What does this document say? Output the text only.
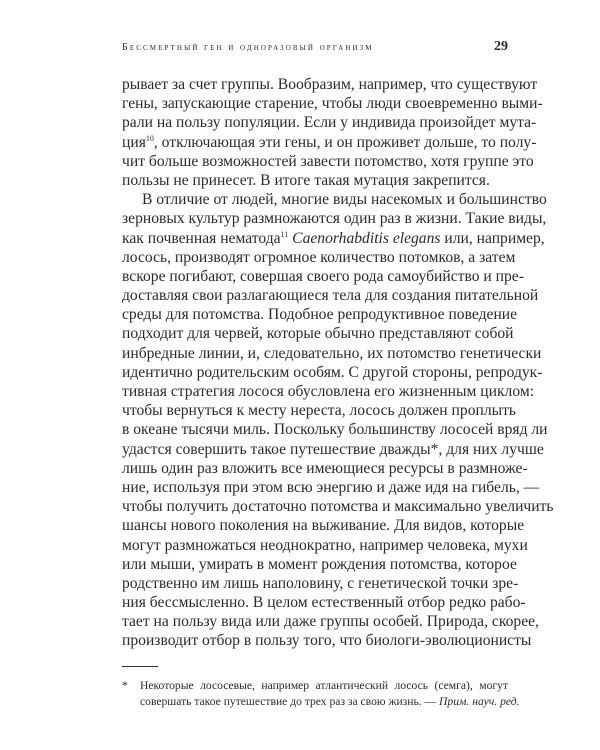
Бессмертный ген и одноразовый организм	29
рывает за счет группы. Вообразим, например, что существуют
гены, запускающие старение, чтобы люди своевременно выми-
рали на пользу популяции. Если у индивида произойдет мута-
ция$^{10}$, отключающая эти гены, и он проживет дольше, то полу-
чит больше возможностей завести потомство, хотя группе это
пользы не принесет. В итоге такая мутация закрепится.
В отличие от людей, многие виды насекомых и большинство
зерновых культур размножаются один раз в жизни. Такие виды,
как почвенная нематода$^{11}$ Caenorhabditis elegans или, например,
лосось, производят огромное количество потомков, а затем
вскоре погибают, совершая своего рода самоубийство и пре-
доставляя свои разлагающиеся тела для создания питательной
среды для потомства. Подобное репродуктивное поведение
подходит для червей, которые обычно представляют собой
инбредные линии, и, следовательно, их потомство генетически
идентично родительским особям. С другой стороны, репродук-
тивная стратегия лосося обусловлена его жизненным циклом:
чтобы вернуться к месту нереста, лосось должен проплыть
в океане тысячи миль. Поскольку большинству лососей вряд ли
удастся совершить такое путешествие дважды*, для них лучше
лишь один раз вложить все имеющиеся ресурсы в размноже-
ние, используя при этом всю энергию и даже идя на гибель, —
чтобы получить достаточно потомства и максимально увеличить
шансы нового поколения на выживание. Для видов, которые
могут размножаться неоднократно, например человека, мухи
или мыши, умирать в момент рождения потомства, которое
родственно им лишь наполовину, с генетической точки зре-
ния бессмысленно. В целом естественный отбор редко рабо-
тает на пользу вида или даже группы особей. Природа, скорее,
производит отбор в пользу того, что биологи-эволюционисты
* Некоторые лососевые, например атлантический лосось (семга), могут
совершать такое путешествие до трех раз за свою жизнь. — Прим. науч. ред.
